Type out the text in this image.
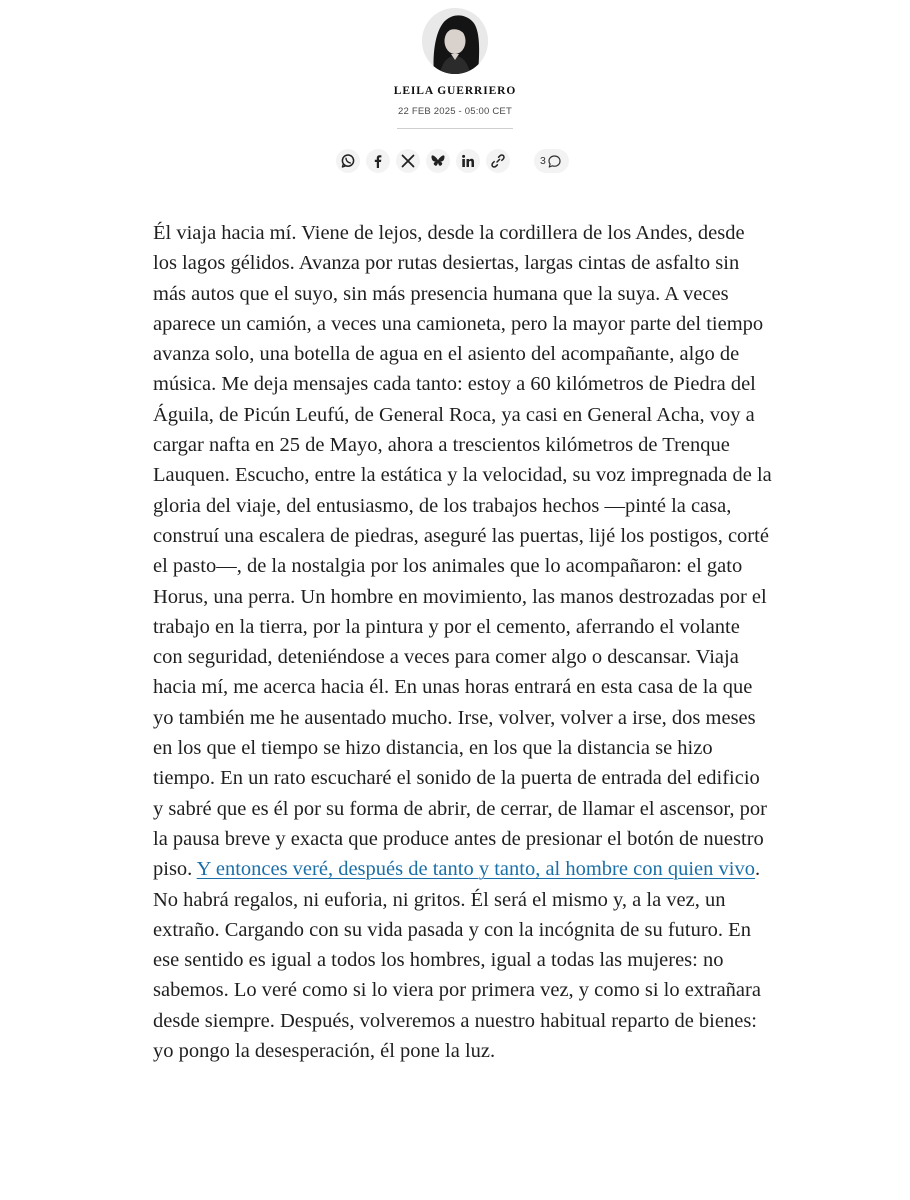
LEILA GUERRIERO
22 FEB 2025 - 05:00 CET
3

Él viaja hacia mí. Viene de lejos, desde la cordillera de los Andes, desde los lagos gélidos. Avanza por rutas desiertas, largas cintas de asfalto sin más autos que el suyo, sin más presencia humana que la suya. A veces aparece un camión, a veces una camioneta, pero la mayor parte del tiempo avanza solo, una botella de agua en el asiento del acompañante, algo de música. Me deja mensajes cada tanto: estoy a 60 kilómetros de Piedra del Águila, de Picún Leufú, de General Roca, ya casi en General Acha, voy a cargar nafta en 25 de Mayo, ahora a trescientos kilómetros de Trenque Lauquen. Escucho, entre la estática y la velocidad, su voz impregnada de la gloria del viaje, del entusiasmo, de los trabajos hechos —pinté la casa, construí una escalera de piedras, aseguré las puertas, lijé los postigos, corté el pasto—, de la nostalgia por los animales que lo acompañaron: el gato Horus, una perra. Un hombre en movimiento, las manos destrozadas por el trabajo en la tierra, por la pintura y por el cemento, aferrando el volante con seguridad, deteniéndose a veces para comer algo o descansar. Viaja hacia mí, me acerca hacia él. En unas horas entrará en esta casa de la que yo también me he ausentado mucho. Irse, volver, volver a irse, dos meses en los que el tiempo se hizo distancia, en los que la distancia se hizo tiempo. En un rato escucharé el sonido de la puerta de entrada del edificio y sabré que es él por su forma de abrir, de cerrar, de llamar el ascensor, por la pausa breve y exacta que produce antes de presionar el botón de nuestro piso. Y entonces veré, después de tanto y tanto, al hombre con quien vivo. No habrá regalos, ni euforia, ni gritos. Él será el mismo y, a la vez, un extraño. Cargando con su vida pasada y con la incógnita de su futuro. En ese sentido es igual a todos los hombres, igual a todas las mujeres: no sabemos. Lo veré como si lo viera por primera vez, y como si lo extrañara desde siempre. Después, volveremos a nuestro habitual reparto de bienes: yo pongo la desesperación, él pone la luz.
